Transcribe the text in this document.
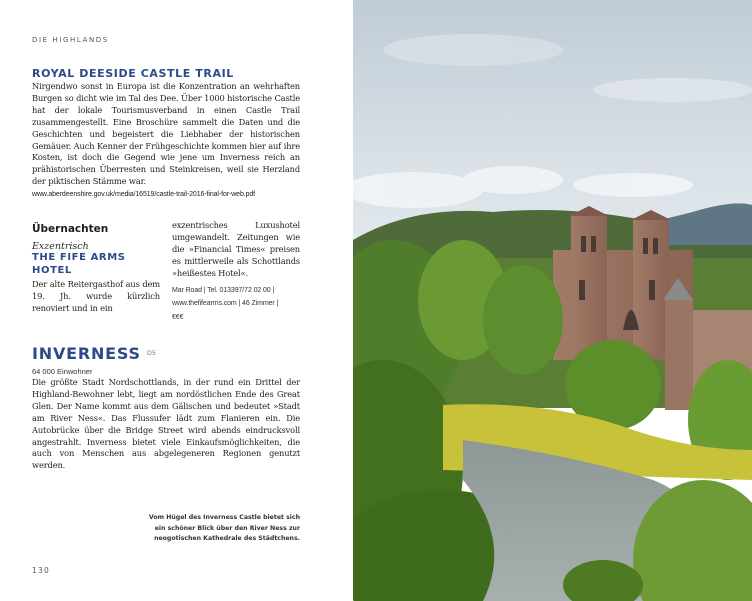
DIE HIGHLANDS
ROYAL DEESIDE CASTLE TRAIL

Nirgendwo sonst in Europa ist die Konzentration an wehrhaften Burgen so dicht wie im Tal des Dee. Über 1000 historische Castle hat der lokale Tourismusverband in einen Castle Trail zusammengestellt. Eine Broschüre sammelt die Daten und die Geschichten und begeistert die Liebhaber der historischen Gemäuer. Auch Kenner der Frühgeschichte kommen hier auf ihre Kosten, ist doch die Gegend wie jene um Inverness reich an prähistorischen Überresten und Steinkreisen, weil sie Herzland der piktischen Stämme war.

www.aberdeenshire.gov.uk/media/16519/castle-trail-2016-final-for-web.pdf

Übernachten
Exzentrisch
THE FIFE ARMS HOTEL

Der alte Reitergasthof aus dem 19. Jh. wurde kürzlich renoviert und in ein

exzentrisches Luxushotel umgewandelt. Zeitungen wie die »Financial Times« preisen es mittlerweile als Schottlands »heißestes Hotel«.

Mar Road | Tel. 013397/72 02 00 |
www.thefifearms.com | 46 Zimmer |
€€€
INVERNESS $^{D5}$
64 000 Einwohner

Die größte Stadt Nordschottlands, in der rund ein Drittel der Highland-Bewohner lebt, liegt am nordöstlichen Ende des Great Glen. Der Name kommt aus dem Gälischen und bedeutet »Stadt am River Ness«. Das Flussufer lädt zum Flanieren ein. Die Autobrücke über die Bridge Street wird abends eindrucksvoll angestrahlt. Inverness bietet viele Einkaufsmöglichkeiten, die auch von Menschen aus abgelegeneren Regionen genutzt werden.

Vom Hügel des Inverness Castle bietet sich ein schöner Blick über den River Ness zur neogotischen Kathedrale des Städtchens.

130
